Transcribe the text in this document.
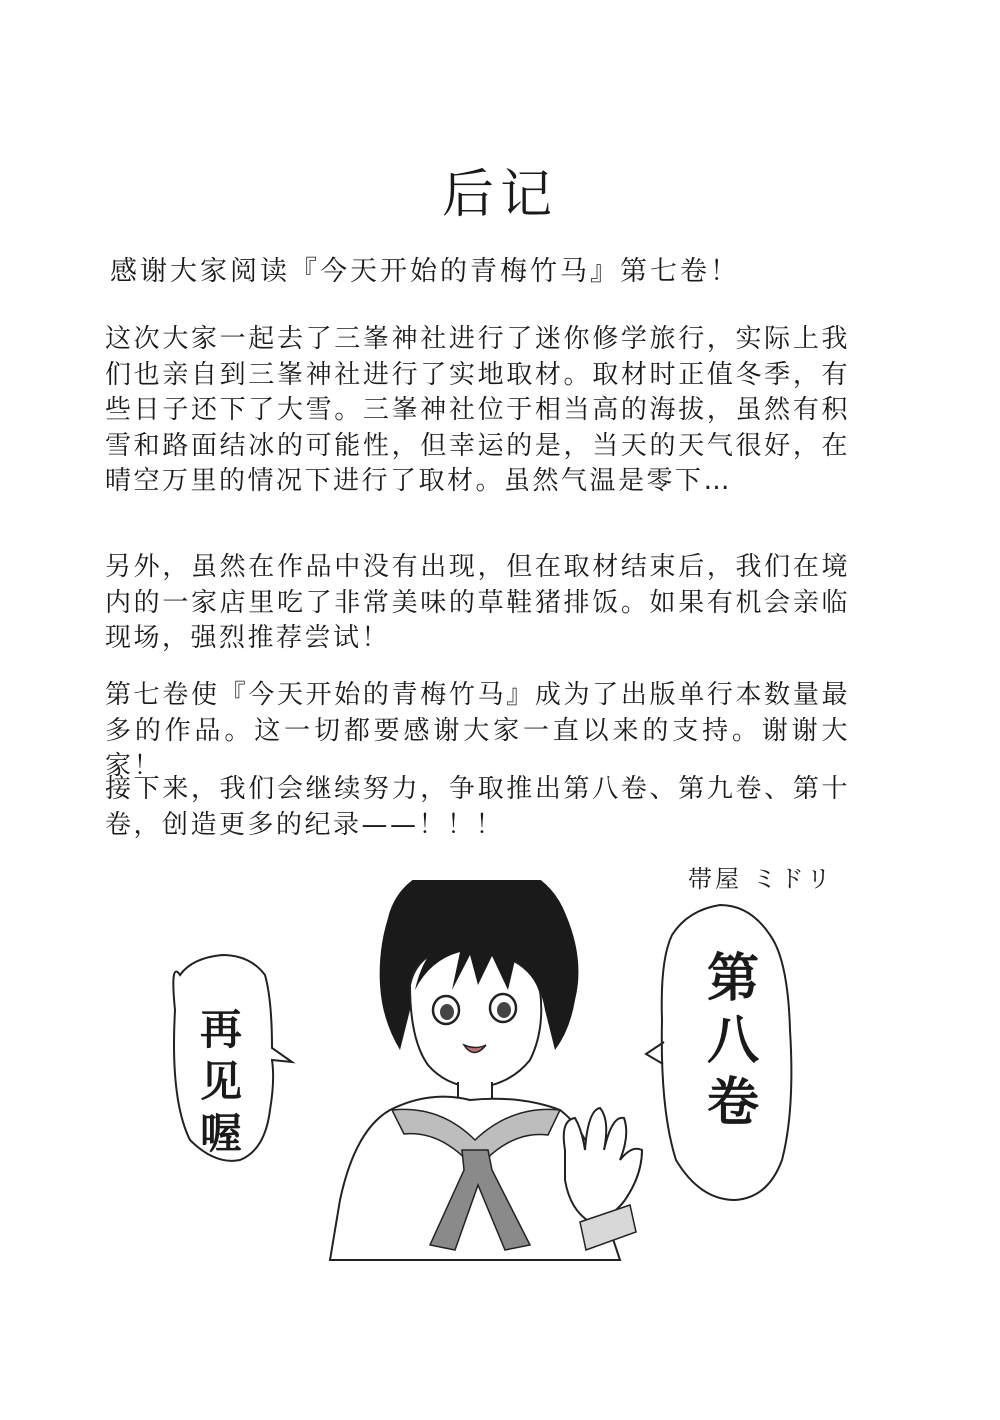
后记
感谢大家阅读『今天开始的青梅竹马』第七卷！

这次大家一起去了三峯神社进行了迷你修学旅行，实际上我们也亲自到三峯神社进行了实地取材。取材时正值冬季，有些日子还下了大雪。三峯神社位于相当高的海拔，虽然有积雪和路面结冰的可能性，但幸运的是，当天的天气很好，在晴空万里的情况下进行了取材。虽然气温是零下…

另外，虽然在作品中没有出现，但在取材结束后，我们在境内的一家店里吃了非常美味的草鞋猪排饭。如果有机会亲临现场，强烈推荐尝试！

第七卷使『今天开始的青梅竹马』成为了出版单行本数量最多的作品。这一切都要感谢大家一直以来的支持。谢谢大家！

接下来，我们会继续努力，争取推出第八卷、第九卷、第十卷，创造更多的纪录——！！！

帯屋 ミドリ
再见喔
第八卷
